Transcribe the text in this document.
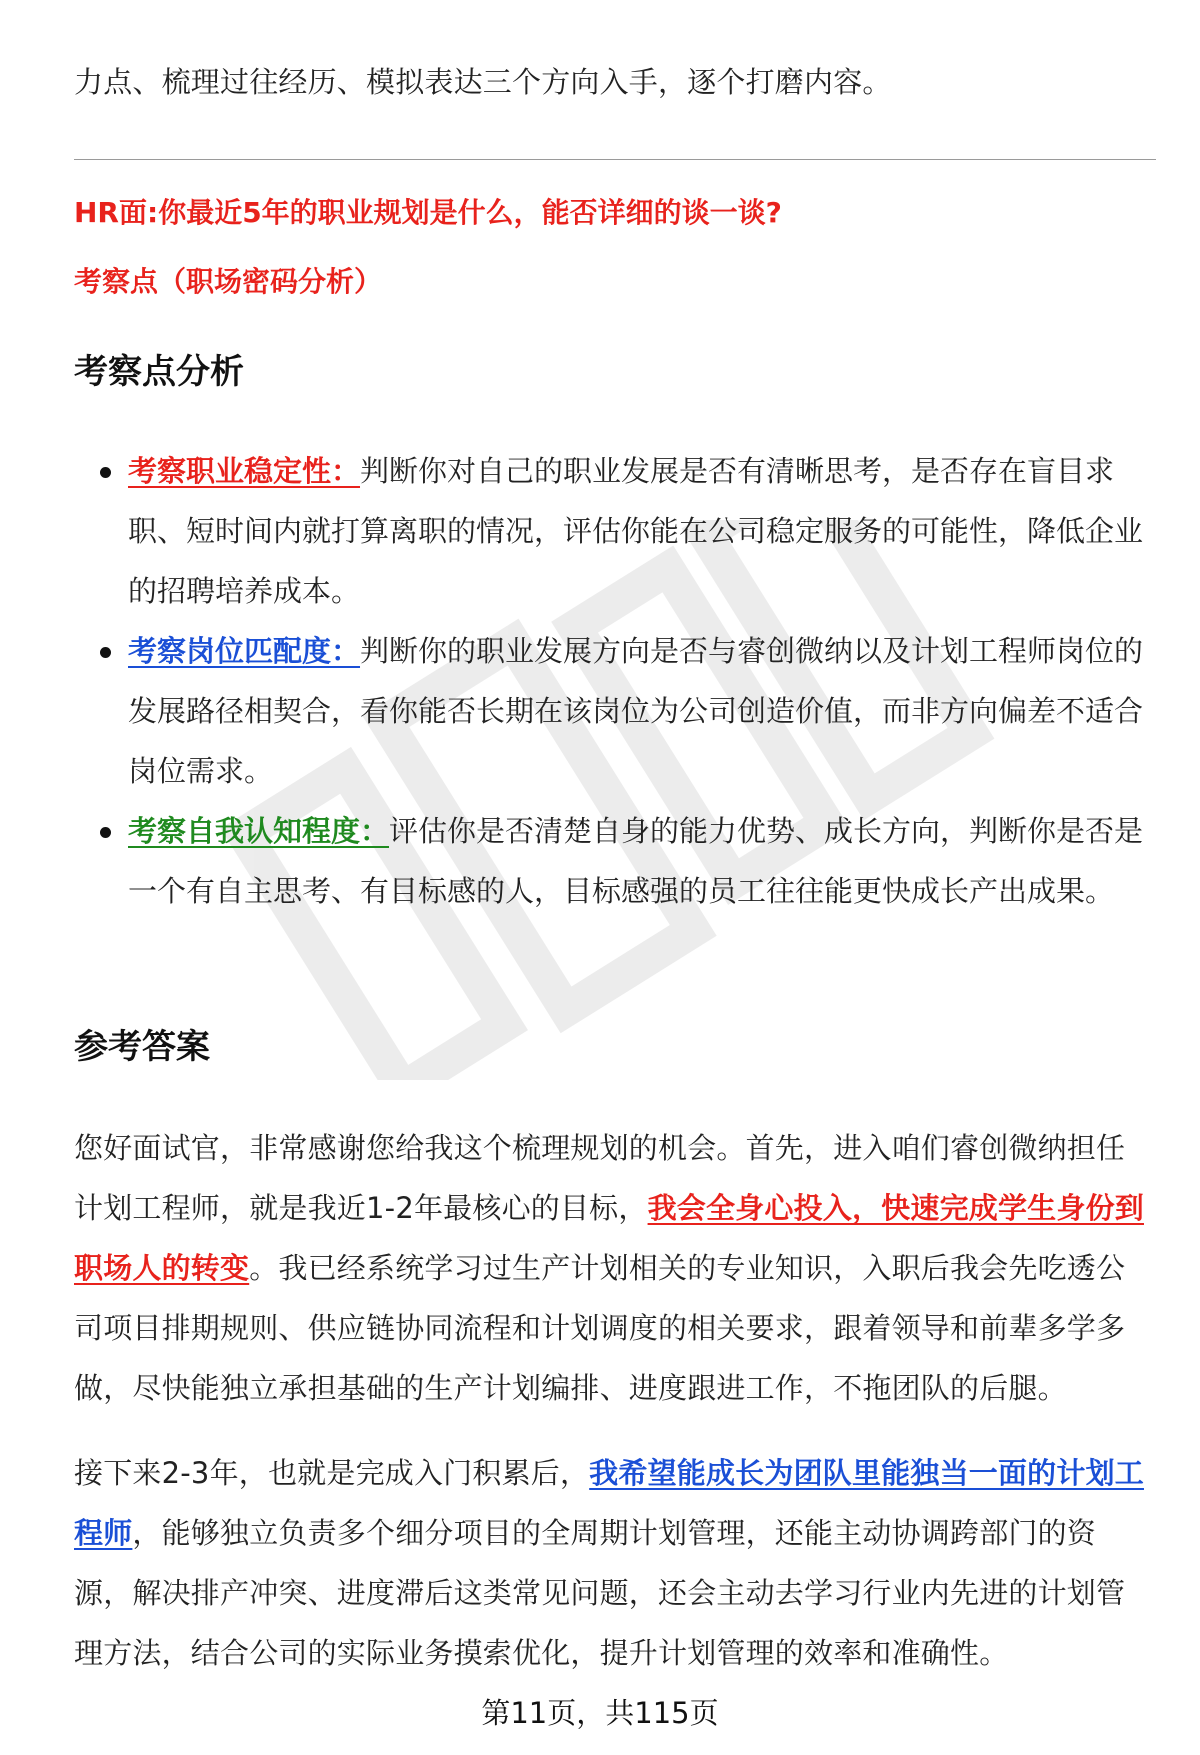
力点、梳理过往经历、模拟表达三个方向入手，逐个打磨内容。
HR面:你最近5年的职业规划是什么，能否详细的谈一谈?
考察点（职场密码分析）
考察点分析
考察职业稳定性：判断你对自己的职业发展是否有清晰思考，是否存在盲目求职、短时间内就打算离职的情况，评估你能在公司稳定服务的可能性，降低企业的招聘培养成本。
考察岗位匹配度：判断你的职业发展方向是否与睿创微纳以及计划工程师岗位的发展路径相契合，看你能否长期在该岗位为公司创造价值，而非方向偏差不适合岗位需求。
考察自我认知程度：评估你是否清楚自身的能力优势、成长方向，判断你是否是一个有自主思考、有目标感的人，目标感强的员工往往能更快成长产出成果。
参考答案
您好面试官，非常感谢您给我这个梳理规划的机会。首先，进入咱们睿创微纳担任计划工程师，就是我近1-2年最核心的目标，我会全身心投入，快速完成学生身份到职场人的转变。我已经系统学习过生产计划相关的专业知识，入职后我会先吃透公司项目排期规则、供应链协同流程和计划调度的相关要求，跟着领导和前辈多学多做，尽快能独立承担基础的生产计划编排、进度跟进工作，不拖团队的后腿。
接下来2-3年，也就是完成入门积累后，我希望能成长为团队里能独当一面的计划工程师，能够独立负责多个细分项目的全周期计划管理，还能主动协调跨部门的资源，解决排产冲突、进度滞后这类常见问题，还会主动去学习行业内先进的计划管理方法，结合公司的实际业务摸索优化，提升计划管理的效率和准确性。
第11页，共115页
